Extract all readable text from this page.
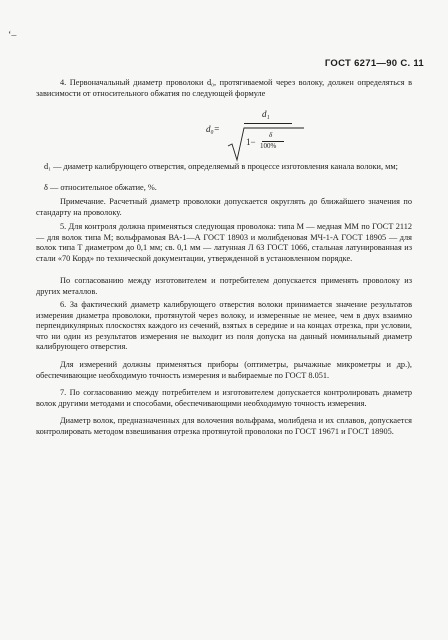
ʻ–
ГОСТ 6271—90 С. 11
4. Первоначальный диаметр проволоки d₀, протягиваемой через волоку, должен определяться в зависимости от относительного обжатия по следующей формуле
d₀=
d₁
1−
δ
100%
d₁ — диаметр калибрующего отверстия, определяемый в процессе изготовления канала волоки, мм;
δ — относительное обжатие, %.
Примечание. Расчетный диаметр проволоки допускается округлять до ближайшего значения по стандарту на проволоку.
5. Для контроля должна применяться следующая проволока: типа М — медная ММ по ГОСТ 2112 — для волок типа М; вольфрамовая ВА-1—А ГОСТ 18903 и молибденовая МЧ-1-А ГОСТ 18905 — для волок типа Т диаметром до 0,1 мм; св. 0,1 мм — латунная Л 63 ГОСТ 1066, стальная латунированная из стали «70 Корд» по технической документации, утвержденной в установленном порядке.
По согласованию между изготовителем и потребителем допускается применять проволоку из других металлов.
6. За фактический диаметр калибрующего отверстия волоки принимается значение результатов измерения диаметра проволоки, протянутой через волоку, и измеренные не менее, чем в двух взаимно перпендикулярных плоскостях каждого из сечений, взятых в середине и на концах отрезка, при условии, что ни один из результатов измерения не выходит из поля допуска на данный номинальный диаметр калибрующего отверстия.
Для измерений должны применяться приборы (оптиметры, рычажные микрометры и др.), обеспечивающие необходимую точность измерения и выбираемые по ГОСТ 8.051.
7. По согласованию между потребителем и изготовителем допускается контролировать диаметр волок другими методами и способами, обеспечивающими необходимую точность измерения.
Диаметр волок, предназначенных для волочения вольфрама, молибдена и их сплавов, допускается контролировать методом взвешивания отрезка протянутой проволоки по ГОСТ 19671 и ГОСТ 18905.
